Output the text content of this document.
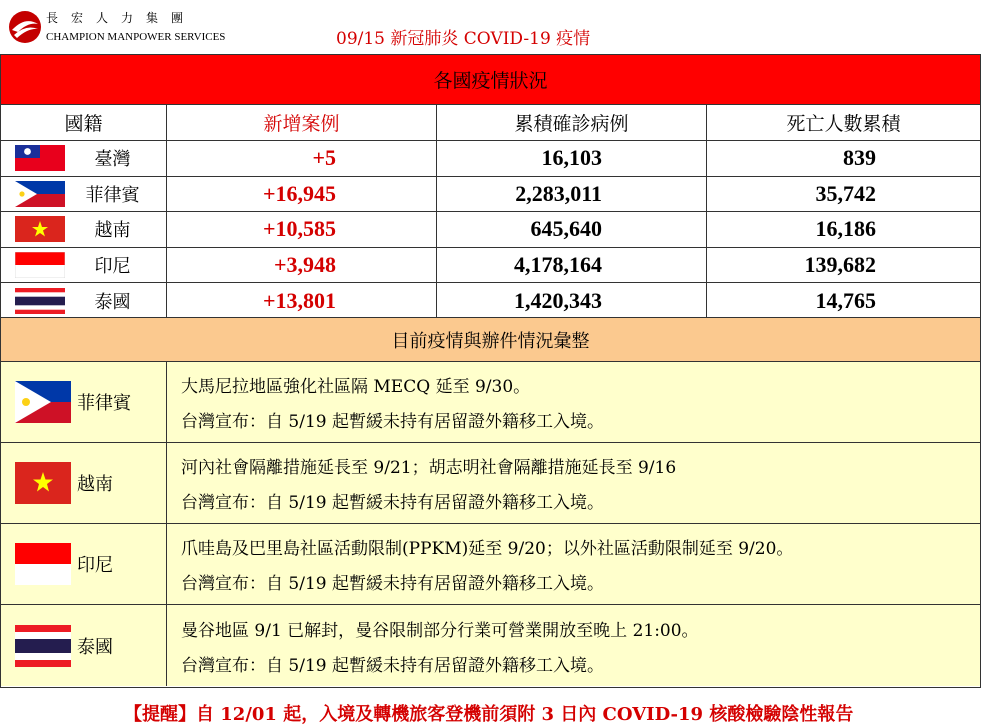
長宏人力集團
CHAMPION MANPOWER SERVICES	09/15 新冠肺炎 COVID-19 疫情
各國疫情狀況
國籍	新增案例	累積確診病例	死亡人數累積
臺灣	+5	16,103	839
菲律賓	+16,945	2,283,011	35,742
越南	+10,585	645,640	16,186
印尼	+3,948	4,178,164	139,682
泰國	+13,801	1,420,343	14,765
目前疫情與辦件情況彙整
菲律賓
大馬尼拉地區強化社區隔 MECQ 延至 9/30。
台灣宣布：自 5/19 起暫緩未持有居留證外籍移工入境。
越南
河內社會隔離措施延長至 9/21；胡志明社會隔離措施延長至 9/16
台灣宣布：自 5/19 起暫緩未持有居留證外籍移工入境。
印尼
爪哇島及巴里島社區活動限制(PPKM)延至 9/20；以外社區活動限制延至 9/20。
台灣宣布：自 5/19 起暫緩未持有居留證外籍移工入境。
泰國
曼谷地區 9/1 已解封，曼谷限制部分行業可營業開放至晚上 21:00。
台灣宣布：自 5/19 起暫緩未持有居留證外籍移工入境。
【提醒】自 12/01 起，入境及轉機旅客登機前須附 3 日內 COVID-19 核酸檢驗陰性報告
